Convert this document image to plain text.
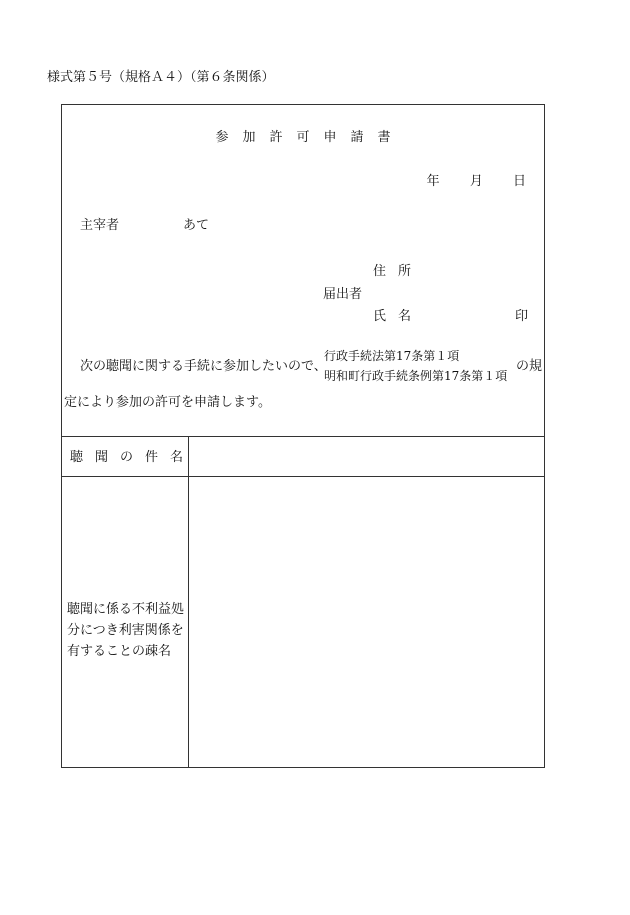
様式第５号（規格Ａ４）（第６条関係）
参加許可申請書
年 月 日
主宰者	あて
住所
届出者
氏名	印
次の聴聞に関する手続に参加したいので、
行政手続法第17条第１項
明和町行政手続条例第17条第１項
の規
定により参加の許可を申請します。
聴聞の件名
聴聞に係る不利益処分につき利害関係を有することの疎名
